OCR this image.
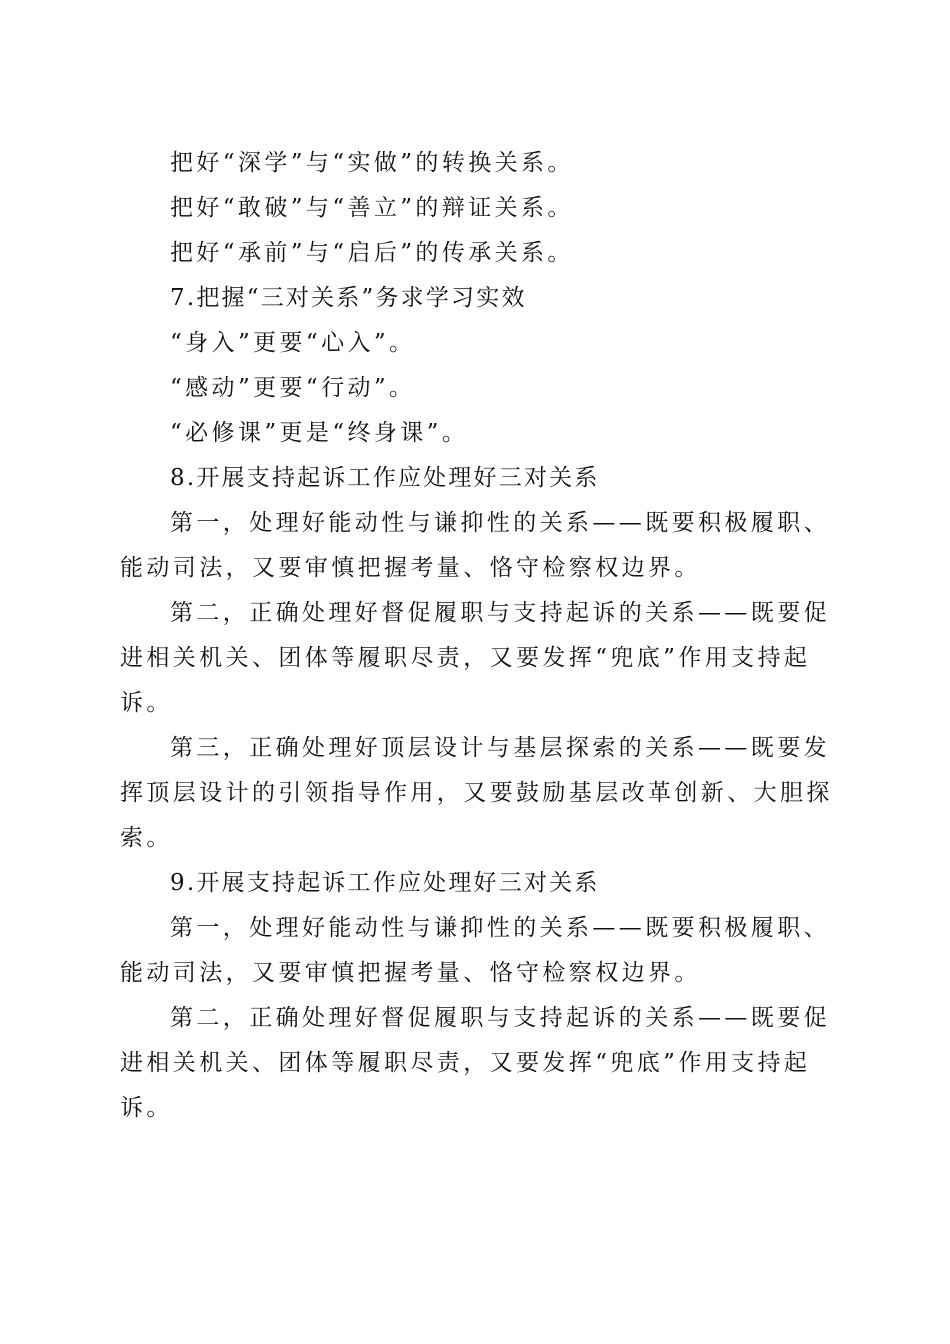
把好“深学”与“实做”的转换关系。
把好“敢破”与“善立”的辩证关系。
把好“承前”与“启后”的传承关系。
7.把握“三对关系”务求学习实效
“身入”更要“心入”。
“感动”更要“行动”。
“必修课”更是“终身课”。
8.开展支持起诉工作应处理好三对关系
第一，处理好能动性与谦抑性的关系——既要积极履职、
能动司法，又要审慎把握考量、恪守检察权边界。
第二，正确处理好督促履职与支持起诉的关系——既要促
进相关机关、团体等履职尽责，又要发挥“兜底”作用支持起
诉。
第三，正确处理好顶层设计与基层探索的关系——既要发
挥顶层设计的引领指导作用，又要鼓励基层改革创新、大胆探
索。
9.开展支持起诉工作应处理好三对关系
第一，处理好能动性与谦抑性的关系——既要积极履职、
能动司法，又要审慎把握考量、恪守检察权边界。
第二，正确处理好督促履职与支持起诉的关系——既要促
进相关机关、团体等履职尽责，又要发挥“兜底”作用支持起
诉。
